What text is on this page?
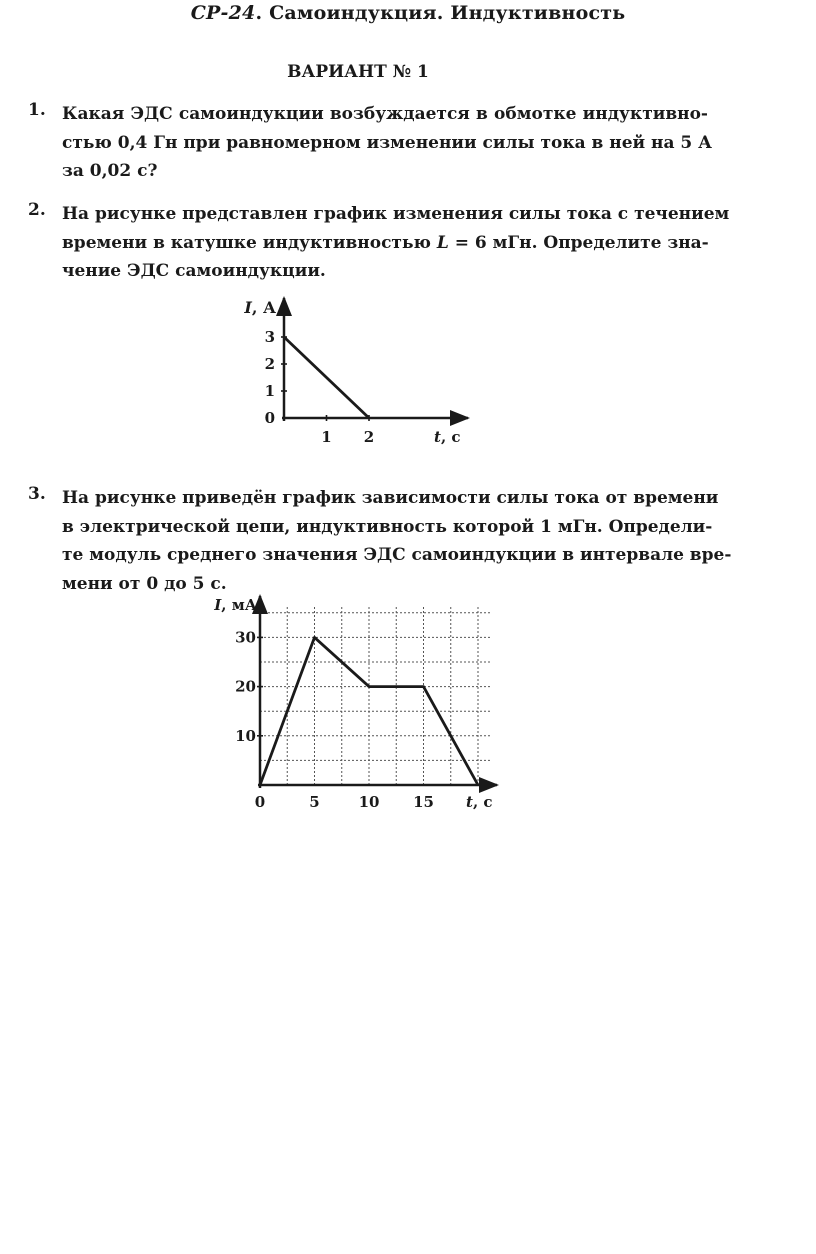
СР-24. Самоиндукция. Индуктивность
ВАРИАНТ № 1
1. Какая ЭДС самоиндукции возбуждается в обмотке индуктивно-
стью 0,4 Гн при равномерном изменении силы тока в ней на 5 А
за 0,02 с?
2. На рисунке представлен график изменения силы тока с течением
времени в катушке индуктивностью L = 6 мГн. Определите зна-
чение ЭДС самоиндукции.
0
1
2
3
1 2
I, А
t, с
3. На рисунке приведён график зависимости силы тока от времени
в электрической цепи, индуктивность которой 1 мГн. Определи-
те модуль среднего значения ЭДС самоиндукции в интервале вре-
мени от 0 до 5 с.
10
20
30
0	5	10 15
I, мА
t, с
